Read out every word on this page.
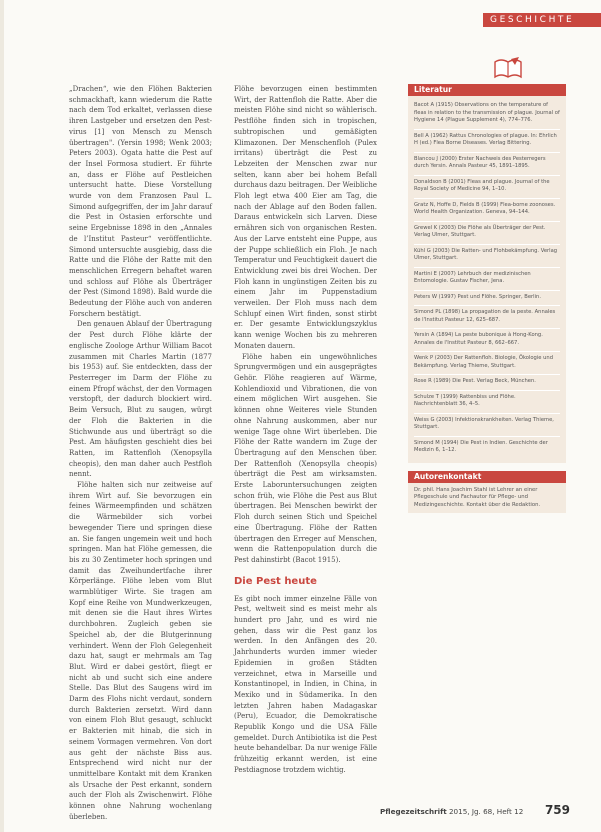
GESCHICHTE

„Drachen“, wie den Flöhen Bakterien schmackhaft, kann wiederum die Ratte nach dem Tod erkaltet, verlassen diese ihren Lastgeber und ersetzen den Pest-virus [1] von Mensch zu Mensch übertragen". (Yersin 1998; Wenk 2003; Peters 2003). Ogata hatte die Pest auf der Insel Formosa studiert. Er führte an, dass er Flöhe auf Pestleichen untersucht hatte. Diese Vorstellung wurde von dem Franzosen Paul L. Simond aufgegriffen, der im Jahr darauf die Pest in Ostasien erforschte und seine Ergebnisse 1898 in den „Annales de l’Institut Pasteur“ veröffentlichte. Simond untersuchte ausgiebig, dass die Ratte und die Flöhe der Ratte mit den menschlichen Erregern behaftet waren und schloss auf Flöhe als Überträger der Pest (Simond 1898). Bald wurde die Bedeutung der Flöhe auch von anderen Forschern bestätigt.

Den genauen Ablauf der Übertragung der Pest durch Flöhe klärte der englische Zoologe Arthur William Bacot zusammen mit Charles Martin (1877 bis 1953) auf. Sie entdeckten, dass der Pesterreger im Darm der Flöhe zu einem Pfropf wächst, der den Vormagen verstopft, der dadurch blockiert wird. Beim Versuch, Blut zu saugen, würgt der Floh die Bakterien in die Stichwunde aus und überträgt so die Pest. Am häufigsten geschieht dies bei Ratten, im Rattenfloh (Xenopsylla cheopis), den man daher auch Pestfloh nennt.

Flöhe halten sich nur zeitweise auf ihrem Wirt auf. Sie bevorzugen ein feines Wärmeempfinden und schätzen die Wärmebilder sich vorbei bewegender Tiere und springen diese an. Sie fangen ungemein weit und hoch springen. Man hat Flöhe gemessen, die bis zu 30 Zentimeter hoch springen und damit das Zweihundertfache ihrer Körperlänge. Flöhe leben vom Blut warmblütiger Wirte. Sie tragen am Kopf eine Reihe von Mundwerkzeugen, mit denen sie die Haut ihres Wirtes durchbohren. Zugleich geben sie Speichel ab, der die Blutgerinnung verhindert. Wenn der Floh Gelegenheit dazu hat, saugt er mehrmals am Tag Blut. Wird er dabei gestört, fliegt er nicht ab und sucht sich eine andere Stelle. Das Blut des Saugens wird im Darm des Flohs nicht verdaut, sondern durch Bakterien zersetzt. Wird dann von einem Floh Blut gesaugt, schluckt er Bakterien mit hinab, die sich in seinem Vormagen vermehren. Von dort aus geht der nächste Biss aus. Entsprechend wird nicht nur der unmittelbare Kontakt mit dem Kranken als Ursache der Pest erkannt, sondern auch der Floh als Zwischenwirt. Flöhe können ohne Nahrung wochenlang überleben.

Flöhe bevorzugen einen bestimmten Wirt, der Rattenfloh die Ratte. Aber die meisten Flöhe sind nicht so wählerisch. Pestflöhe finden sich in tropischen, subtropischen und gemäßigten Klimazonen. Der Menschenfloh (Pulex irritans) überträgt die Pest zu Lebzeiten der Menschen zwar nur selten, kann aber bei hohem Befall durchaus dazu beitragen. Der Weibliche Floh legt etwa 400 Eier am Tag, die nach der Ablage auf den Boden fallen. Daraus entwickeln sich Larven. Diese ernähren sich von organischen Resten. Aus der Larve entsteht eine Puppe, aus der Puppe schließlich ein Floh. Je nach Temperatur und Feuchtigkeit dauert die Entwicklung zwei bis drei Wochen. Der Floh kann in ungünstigen Zeiten bis zu einem Jahr im Puppenstadium verweilen. Der Floh muss nach dem Schlupf einen Wirt finden, sonst stirbt er. Der gesamte Entwicklungszyklus kann wenige Wochen bis zu mehreren Monaten dauern.

Flöhe haben ein ungewöhnliches Sprungvermögen und ein ausgeprägtes Gehör. Flöhe reagieren auf Wärme, Kohlendioxid und Vibrationen, die von einem möglichen Wirt ausgehen. Sie können ohne Weiteres viele Stunden ohne Nahrung auskommen, aber nur wenige Tage ohne Wirt überleben. Die Flöhe der Ratte wandern im Zuge der Übertragung auf den Menschen über. Der Rattenfloh (Xenopsylla cheopis) überträgt die Pest am wirksamsten. Erste Laboruntersuchungen zeigten schon früh, wie Flöhe die Pest aus Blut übertragen. Bei Menschen bewirkt der Floh durch seinen Stich und Speichel eine Übertragung. Flöhe der Ratten übertragen den Erreger auf Menschen, wenn die Rattenpopulation durch die Pest dahinstirbt (Bacot 1915).

Die Pest heute

Es gibt noch immer einzelne Fälle von Pest, weltweit sind es meist mehr als hundert pro Jahr, und es wird nie gehen, dass wir die Pest ganz los werden. In den Anfängen des 20. Jahrhunderts wurden immer wieder Epidemien in großen Städten verzeichnet, etwa in Marseille und Konstantinopel, in Indien, in China, in Mexiko und in Südamerika. In den letzten Jahren haben Madagaskar (Peru), Ecuador, die Demokratische Republik Kongo und die USA Fälle gemeldet. Durch Antibiotika ist die Pest heute behandelbar. Da nur wenige Fälle frühzeitig erkannt werden, ist eine Pestdiagnose trotzdem wichtig.

Literatur
Bacot A (1915) Observations on the temperature of fleas in relation to the transmission of plague. Journal of Hygiene 14 (Plague Supplement 4), 774–776.
Bell A (1962) Rattus Chronologies of plague. In: Ehrlich H (ed.) Flea Borne Diseases. Verlag Bittering.
Blancou J (2000) Erster Nachweis des Pesterregers durch Yersin. Annals Pasteur 45, 1891–1895.
Donaldson B (2001) Fleas and plague. Journal of the Royal Society of Medicine 94, 1–10.
Gratz N, Hoffe D, Fields B (1999) Flea-borne zoonoses. World Health Organization. Geneva, 94–144.
Grewel K (2003) Die Flöhe als Überträger der Pest. Verlag Ulmer, Stuttgart.
Kühl G (2003) Die Ratten- und Flohbekämpfung. Verlag Ulmer, Stuttgart.
Martini E (2007) Lehrbuch der medizinischen Entomologie. Gustav Fischer, Jena.
Peters W (1997) Pest und Flöhe. Springer, Berlin.
Simond PL (1898) La propagation de la peste. Annales de l'Institut Pasteur 12, 625–687.
Yersin A (1894) La peste bubonique à Hong-Kong. Annales de l'Institut Pasteur 8, 662–667.
Wenk P (2003) Der Rattenfloh. Biologie, Ökologie und Bekämpfung. Verlag Thieme, Stuttgart.
Rose R (1989) Die Pest. Verlag Beck, München.
Schulze T (1999) Rattenbiss und Flöhe. Nachrichtenblatt 36, 4–5.
Weiss G (2003) Infektionskrankheiten. Verlag Thieme, Stuttgart.
Simond M (1994) Die Pest in Indien. Geschichte der Medizin 6, 1–12.
Autorenkontakt
Dr. phil. Hans Joachim Stahl ist Lehrer an einer Pflegeschule und Fachautor für Pflege- und Medizingeschichte. Kontakt über die Redaktion.
Pflegezeitschrift 2015, Jg. 68, Heft 12 759
